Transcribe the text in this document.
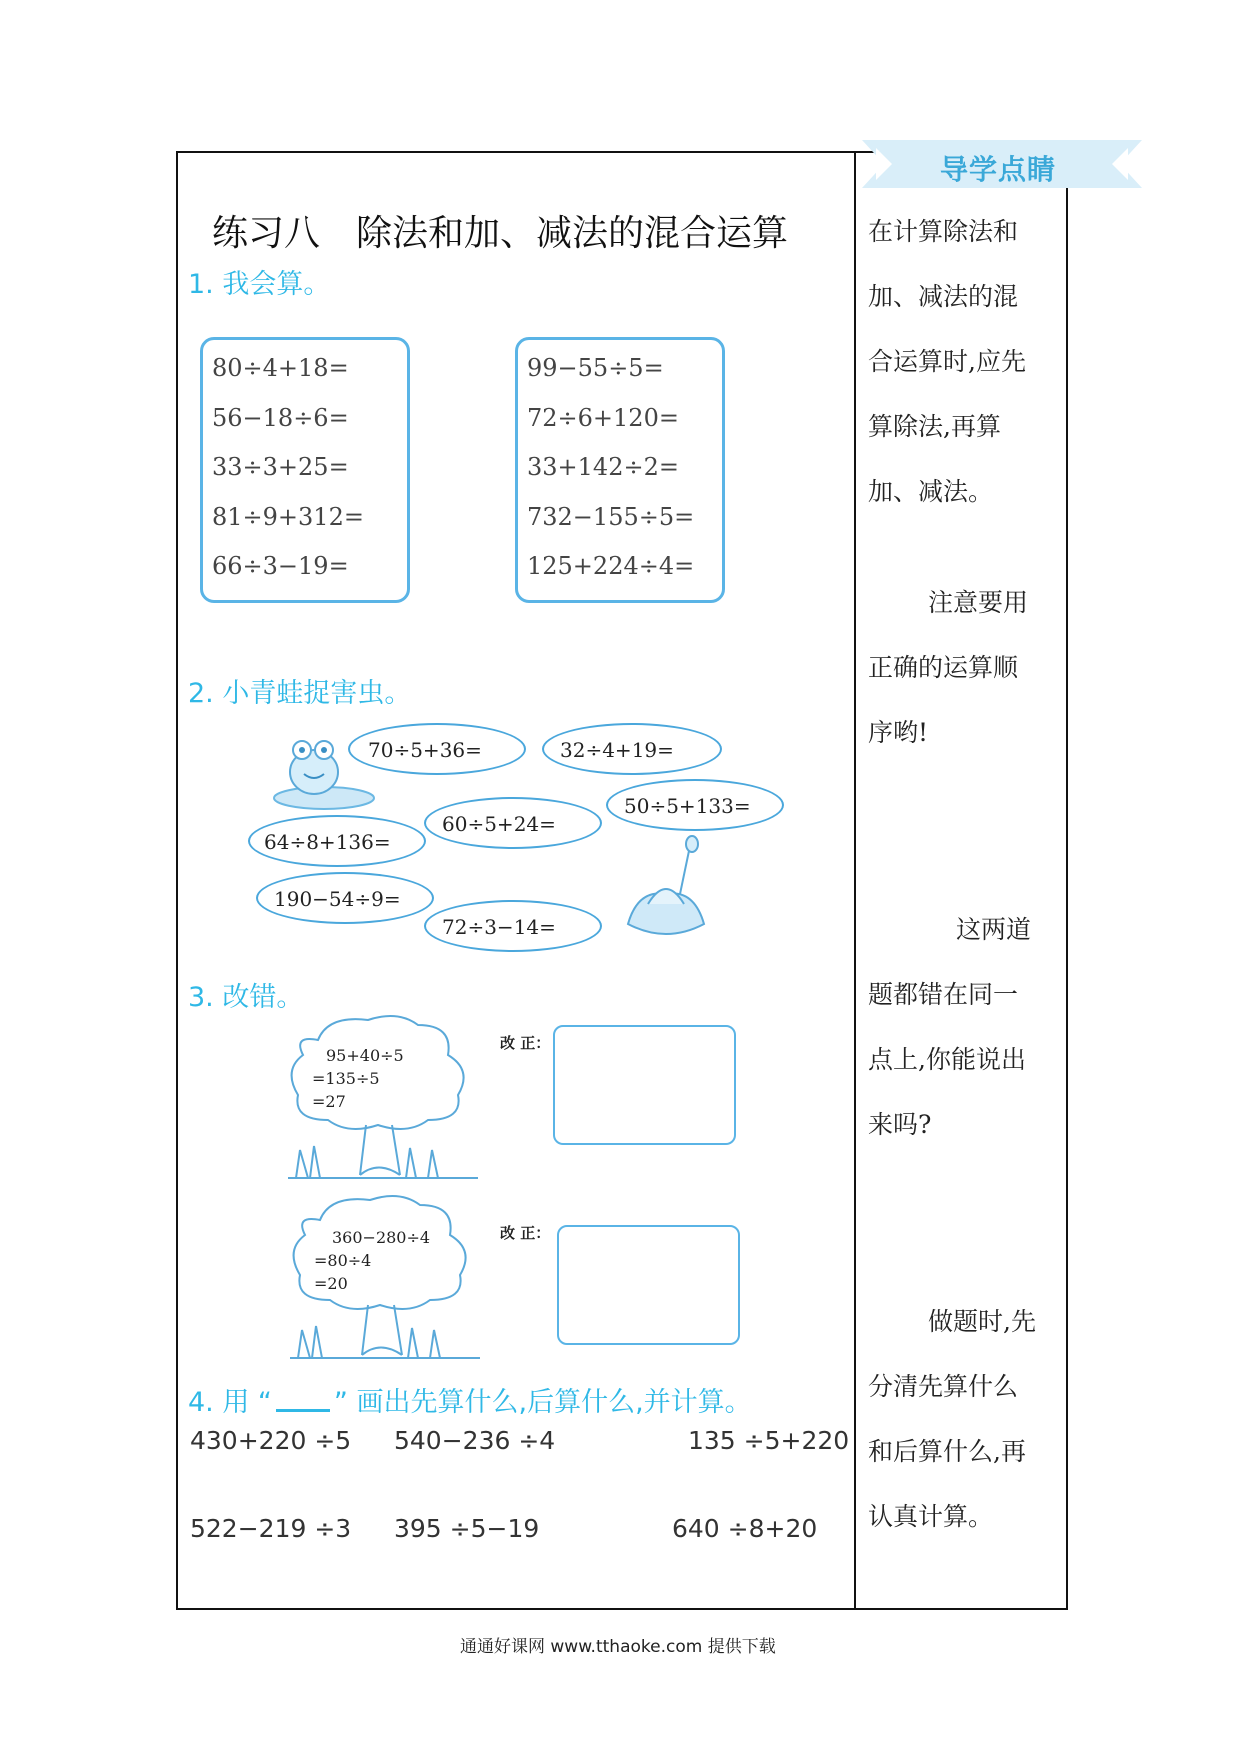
导学点睛
练习八　除法和加、减法的混合运算
1. 我会算。
80÷4+18=
56−18÷6=
33÷3+25=
81÷9+312=
66÷3−19=
99−55÷5=
72÷6+120=
33+142÷2=
732−155÷5=
125+224÷4=
2. 小青蛙捉害虫。
70÷5+36=	32÷4+19=
50÷5+133=
60÷5+24=
64÷8+136=
190−54÷9=
72÷3−14=
3. 改错。
95+40÷5
=135÷5
=27
改 正：
360−280÷4
=80÷4
=20
改 正：
4. 用 “ ” 画出先算什么,后算什么,并计算。
430+220 ÷5 540−236 ÷4	135 ÷5+220
522−219 ÷3 395 ÷5−19	640 ÷8+20
在计算除法和
加、减法的混
合运算时,应先
算除法,再算
加、减法。
注意要用
正确的运算顺
序哟!
这两道
题都错在同一
点上,你能说出
来吗?
做题时,先
分清先算什么
和后算什么,再
认真计算。
通通好课网 www.tthaoke.com 提供下载
